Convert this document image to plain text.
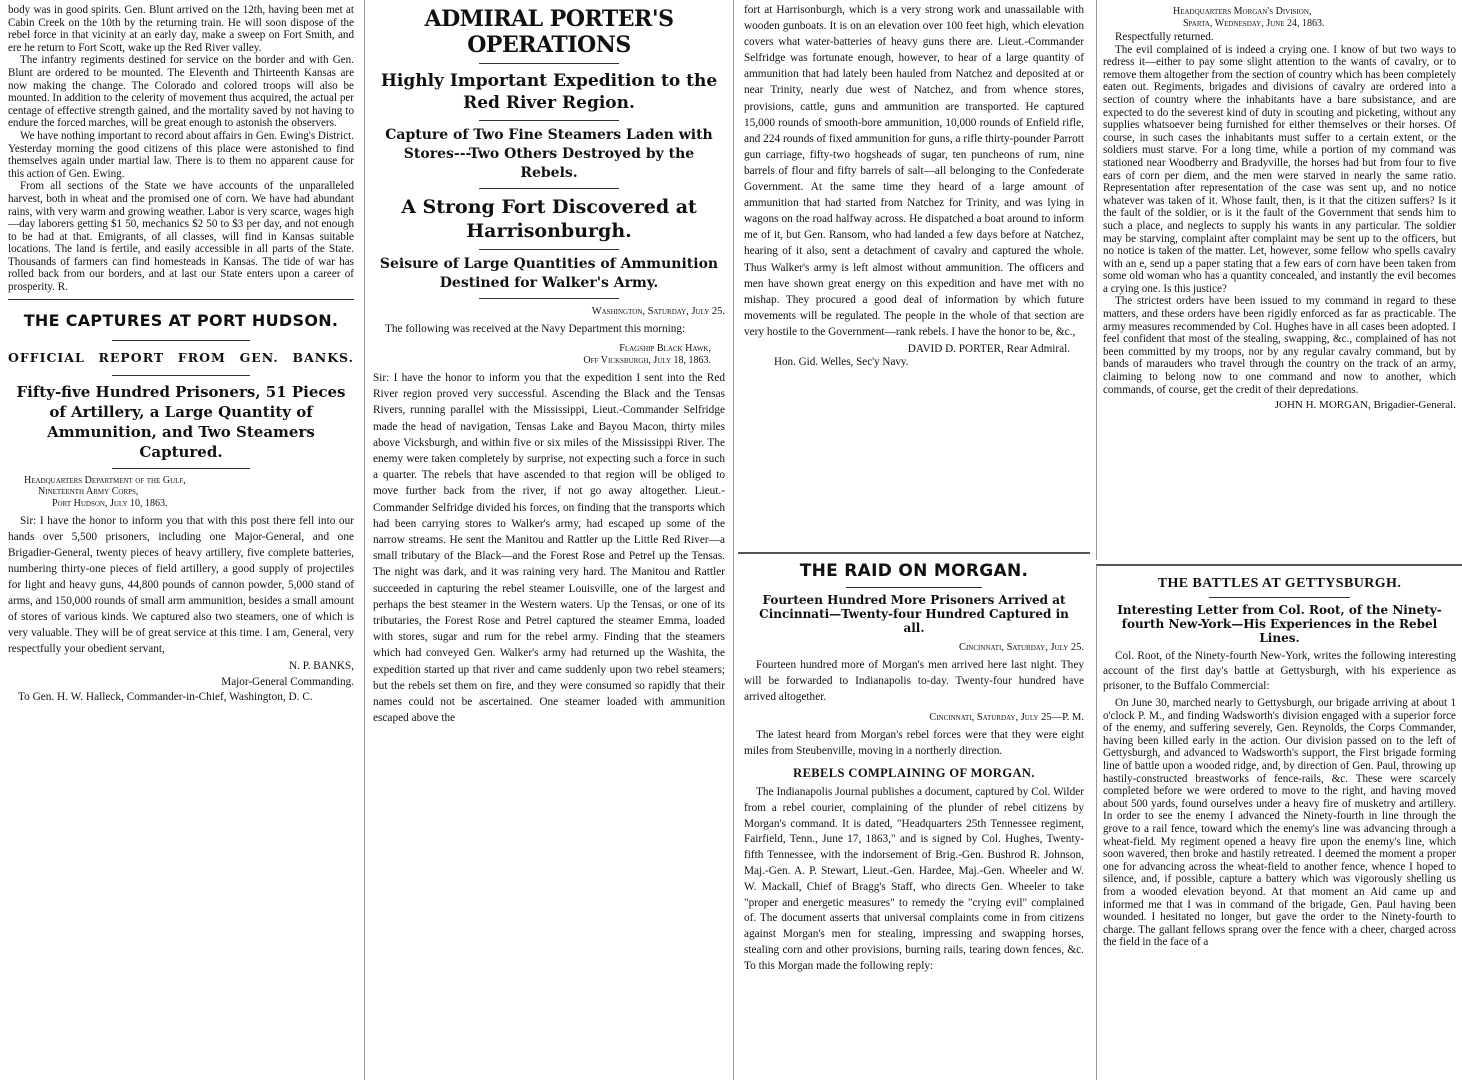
body was in good spirits. Gen. Blunt arrived on the 12th, having been met at Cabin Creek on the 10th by the returning train. He will soon dispose of the rebel force in that vicinity at an early day, make a sweep on Fort Smith, and ere he return to Fort Scott, wake up the Red River valley.

The infantry regiments destined for service on the border and with Gen. Blunt are ordered to be mounted. The Eleventh and Thirteenth Kansas are now making the change. The Colorado and colored troops will also be mounted. In addition to the celerity of movement thus acquired, the actual per centage of effective strength gained, and the mortality saved by not having to endure the forced marches, will be great enough to astonish the observers.

We have nothing important to record about affairs in Gen. Ewing's District. Yesterday morning the good citizens of this place were astonished to find themselves again under martial law. There is to them no apparent cause for this action of Gen. Ewing.

From all sections of the State we have accounts of the unparalleled harvest, both in wheat and the promised one of corn. We have had abundant rains, with very warm and growing weather. Labor is very scarce, wages high—day laborers getting $1 50, mechanics $2 50 to $3 per day, and not enough to be had at that. Emigrants, of all classes, will find in Kansas suitable locations. The land is fertile, and easily accessible in all parts of the State. Thousands of farmers can find homesteads in Kansas. The tide of war has rolled back from our borders, and at last our State enters upon a career of prosperity. R.

THE CAPTURES AT PORT HUDSON.
OFFICIAL REPORT FROM GEN. BANKS.
Fifty-five Hundred Prisoners, 51 Pieces of Artillery, a Large Quantity of Ammunition, and Two Steamers Captured.
Headquarters Department of the Gulf,
Nineteenth Army Corps,
Port Hudson, July 10, 1863.

Sir: I have the honor to inform you that with this post there fell into our hands over 5,500 prisoners, including one Major-General, and one Brigadier-General, twenty pieces of heavy artillery, five complete batteries, numbering thirty-one pieces of field artillery, a good supply of projectiles for light and heavy guns, 44,800 pounds of cannon powder, 5,000 stand of arms, and 150,000 rounds of small arm ammunition, besides a small amount of stores of various kinds. We captured also two steamers, one of which is very valuable. They will be of great service at this time. I am, General, very respectfully your obedient servant,

N. P. BANKS,
Major-General Commanding.

To Gen. H. W. Halleck, Commander-in-Chief, Washington, D. C.

ADMIRAL PORTER'S OPERATIONS
Highly Important Expedition to the Red River Region.
Capture of Two Fine Steamers Laden with Stores---Two Others Destroyed by the Rebels.
A Strong Fort Discovered at Harrisonburgh.
Seisure of Large Quantities of Ammunition Destined for Walker's Army.
Washington, Saturday, July 25.

The following was received at the Navy Department this morning:

Flagship Black Hawk,
Off Vicksburgh, July 18, 1863.

Sir: I have the honor to inform you that the expedition I sent into the Red River region proved very successful. Ascending the Black and the Tensas Rivers, running parallel with the Mississippi, Lieut.-Commander Selfridge made the head of navigation, Tensas Lake and Bayou Macon, thirty miles above Vicksburgh, and within five or six miles of the Mississippi River. The enemy were taken completely by surprise, not expecting such a force in such a quarter. The rebels that have ascended to that region will be obliged to move further back from the river, if not go away altogether. Lieut.-Commander Selfridge divided his forces, on finding that the transports which had been carrying stores to Walker's army, had escaped up some of the narrow streams. He sent the Manitou and Rattler up the Little Red River—a small tributary of the Black—and the Forest Rose and Petrel up the Tensas. The night was dark, and it was raining very hard. The Manitou and Rattler succeeded in capturing the rebel steamer Louisville, one of the largest and perhaps the best steamer in the Western waters. Up the Tensas, or one of its tributaries, the Forest Rose and Petrel captured the steamer Emma, loaded with stores, sugar and rum for the rebel army. Finding that the steamers which had conveyed Gen. Walker's army had returned up the Washita, the expedition started up that river and came suddenly upon two rebel steamers; but the rebels set them on fire, and they were consumed so rapidly that their names could not be ascertained. One steamer loaded with ammunition escaped above the

fort at Harrisonburgh, which is a very strong work and unassailable with wooden gunboats. It is on an elevation over 100 feet high, which elevation covers what water-batteries of heavy guns there are. Lieut.-Commander Selfridge was fortunate enough, however, to hear of a large quantity of ammunition that had lately been hauled from Natchez and deposited at or near Trinity, nearly due west of Natchez, and from whence stores, provisions, cattle, guns and ammunition are transported. He captured 15,000 rounds of smooth-bore ammunition, 10,000 rounds of Enfield rifle, and 224 rounds of fixed ammunition for guns, a rifle thirty-pounder Parrott gun carriage, fifty-two hogsheads of sugar, ten puncheons of rum, nine barrels of flour and fifty barrels of salt—all belonging to the Confederate Government. At the same time they heard of a large amount of ammunition that had started from Natchez for Trinity, and was lying in wagons on the road halfway across. He dispatched a boat around to inform me of it, but Gen. Ransom, who had landed a few days before at Natchez, hearing of it also, sent a detachment of cavalry and captured the whole. Thus Walker's army is left almost without ammunition. The officers and men have shown great energy on this expedition and have met with no mishap. They procured a good deal of information by which future movements will be regulated. The people in the whole of that section are very hostile to the Government—rank rebels. I have the honor to be, &c.,

DAVID D. PORTER, Rear Admiral.

Hon. Gid. Welles, Sec'y Navy.

THE RAID ON MORGAN.
Fourteen Hundred More Prisoners Arrived at Cincinnati—Twenty-four Hundred Captured in all.
Cincinnati, Saturday, July 25.

Fourteen hundred more of Morgan's men arrived here last night. They will be forwarded to Indianapolis to-day. Twenty-four hundred have arrived altogether.

Cincinnati, Saturday, July 25—P. M.

The latest heard from Morgan's rebel forces were that they were eight miles from Steubenville, moving in a northerly direction.

REBELS COMPLAINING OF MORGAN.

The Indianapolis Journal publishes a document, captured by Col. Wilder from a rebel courier, complaining of the plunder of rebel citizens by Morgan's command. It is dated, "Headquarters 25th Tennessee regiment, Fairfield, Tenn., June 17, 1863," and is signed by Col. Hughes, Twenty-fifth Tennessee, with the indorsement of Brig.-Gen. Bushrod R. Johnson, Maj.-Gen. A. P. Stewart, Lieut.-Gen. Hardee, Maj.-Gen. Wheeler and W. W. Mackall, Chief of Bragg's Staff, who directs Gen. Wheeler to take "proper and energetic measures" to remedy the "crying evil" complained of. The document asserts that universal complaints come in from citizens against Morgan's men for stealing, impressing and swapping horses, stealing corn and other provisions, burning rails, tearing down fences, &c. To this Morgan made the following reply:

Headquarters Morgan's Division,
Sparta, Wednesday, June 24, 1863.

Respectfully returned.

The evil complained of is indeed a crying one. I know of but two ways to redress it—either to pay some slight attention to the wants of cavalry, or to remove them altogether from the section of country which has been completely eaten out. Regiments, brigades and divisions of cavalry are ordered into a section of country where the inhabitants have a bare subsistance, and are expected to do the severest kind of duty in scouting and picketing, without any supplies whatsoever being furnished for either themselves or their horses. Of course, in such cases the inhabitants must suffer to a certain extent, or the soldiers must starve. For a long time, while a portion of my command was stationed near Woodberry and Bradyville, the horses had but from four to five ears of corn per diem, and the men were starved in nearly the same ratio. Representation after representation of the case was sent up, and no notice whatever was taken of it. Whose fault, then, is it that the citizen suffers? Is it the fault of the soldier, or is it the fault of the Government that sends him to such a place, and neglects to supply his wants in any particular. The soldier may be starving, complaint after complaint may be sent up to the officers, but no notice is taken of the matter. Let, however, some fellow who spells cavalry with an e, send up a paper stating that a few ears of corn have been taken from some old woman who has a quantity concealed, and instantly the evil becomes a crying one. Is this justice?

The strictest orders have been issued to my command in regard to these matters, and these orders have been rigidly enforced as far as practicable. The army measures recommended by Col. Hughes have in all cases been adopted. I feel confident that most of the stealing, swapping, &c., complained of has not been committed by my troops, nor by any regular cavalry command, but by bands of marauders who travel through the country on the track of an army, claiming to belong now to one command and now to another, which commands, of course, get the credit of their depredations.

JOHN H. MORGAN, Brigadier-General.
THE BATTLES AT GETTYSBURGH.
Interesting Letter from Col. Root, of the Ninety-fourth New-York—His Experiences in the Rebel Lines.

Col. Root, of the Ninety-fourth New-York, writes the following interesting account of the first day's battle at Gettysburgh, with his experience as prisoner, to the Buffalo Commercial:

On June 30, marched nearly to Gettysburgh, our brigade arriving at about 1 o'clock P. M., and finding Wadsworth's division engaged with a superior force of the enemy, and suffering severely, Gen. Reynolds, the Corps Commander, having been killed early in the action. Our division passed on to the left of Gettysburgh, and advanced to Wadsworth's support, the First brigade forming line of battle upon a wooded ridge, and, by direction of Gen. Paul, throwing up hastily-constructed breastworks of fence-rails, &c. These were scarcely completed before we were ordered to move to the right, and having moved about 500 yards, found ourselves under a heavy fire of musketry and artillery. In order to see the enemy I advanced the Ninety-fourth in line through the grove to a rail fence, toward which the enemy's line was advancing through a wheat-field. My regiment opened a heavy fire upon the enemy's line, which soon wavered, then broke and hastily retreated. I deemed the moment a proper one for advancing across the wheat-field to another fence, whence I hoped to silence, and, if possible, capture a battery which was vigorously shelling us from a wooded elevation beyond. At that moment an Aid came up and informed me that I was in command of the brigade, Gen. Paul having been wounded. I hesitated no longer, but gave the order to the Ninety-fourth to charge. The gallant fellows sprang over the fence with a cheer, charged across the field in the face of a
